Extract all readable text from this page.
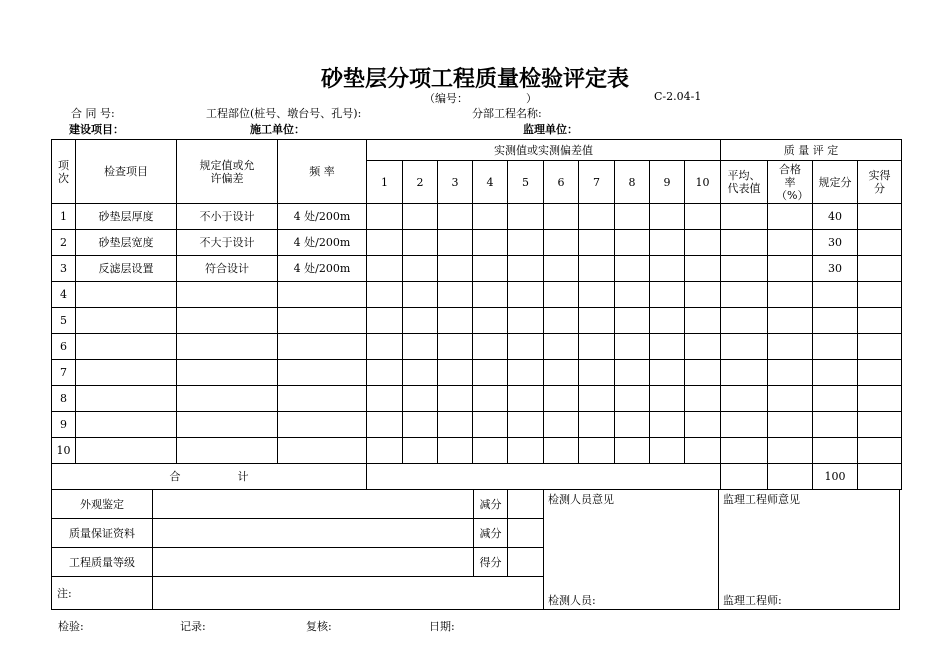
砂垫层分项工程质量检验评定表
（编号：	）	C-2.04-1
合 同 号:	工程部位(桩号、墩台号、孔号):	分部工程名称:
建设项目：	施工单位：	监理单位：
项次	检查项目	规定值或允许偏差	频 率	实测值或实测偏差值										质 量 评 定			
				1	2	3	4	5	6	7	8	9	10	平均、代表值	合格率（%）	规定分	实得分
1	砂垫层厚度	不小于设计	4 处/200m													40	
2	砂垫层宽度	不大于设计	4 处/200m													30	
3	反滤层设置	符合设计	4 处/200m													30	
4																	
5																	
6																	
7																	
8																	
9																	
10																	
合 计																100	
外观鉴定		减分		检测人员意见
检测人员:	监理工程师意见
监理工程师:

质量保证资料		减分			
工程质量等级		得分			
注:					
检验:	记录:	复核:	日期:
